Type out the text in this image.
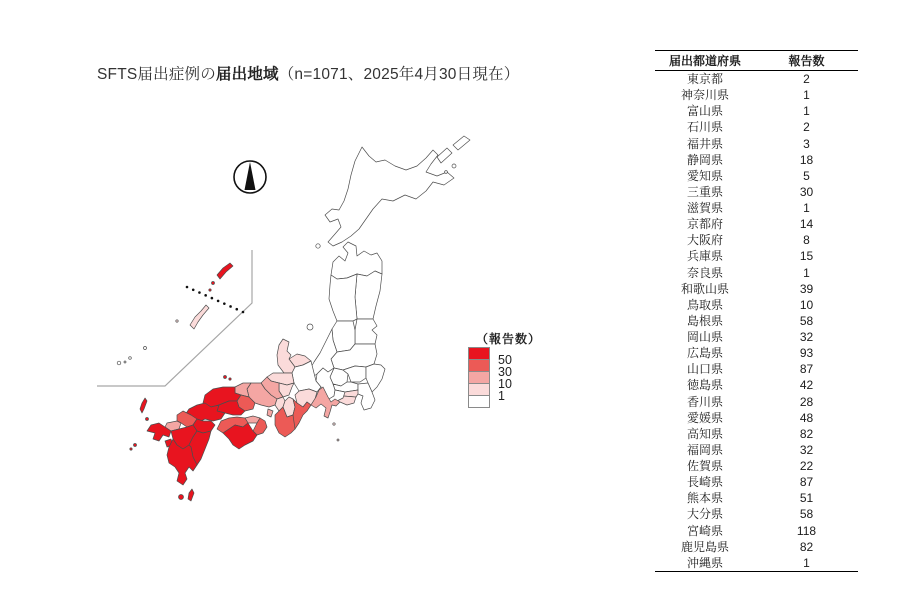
SFTS届出症例の届出地域（n=1071、2025年4月30日現在）
（報告数）
50
30
10
1
届出都道府県	報告数
東京都	2
神奈川県	1
富山県	1
石川県	2
福井県	3
静岡県	18
愛知県	5
三重県	30
滋賀県	1
京都府	14
大阪府	8
兵庫県	15
奈良県	1
和歌山県	39
鳥取県	10
島根県	58
岡山県	32
広島県	93
山口県	87
徳島県	42
香川県	28
愛媛県	48
高知県	82
福岡県	32
佐賀県	22
長崎県	87
熊本県	51
大分県	58
宮崎県	118
鹿児島県	82
沖縄県	1
